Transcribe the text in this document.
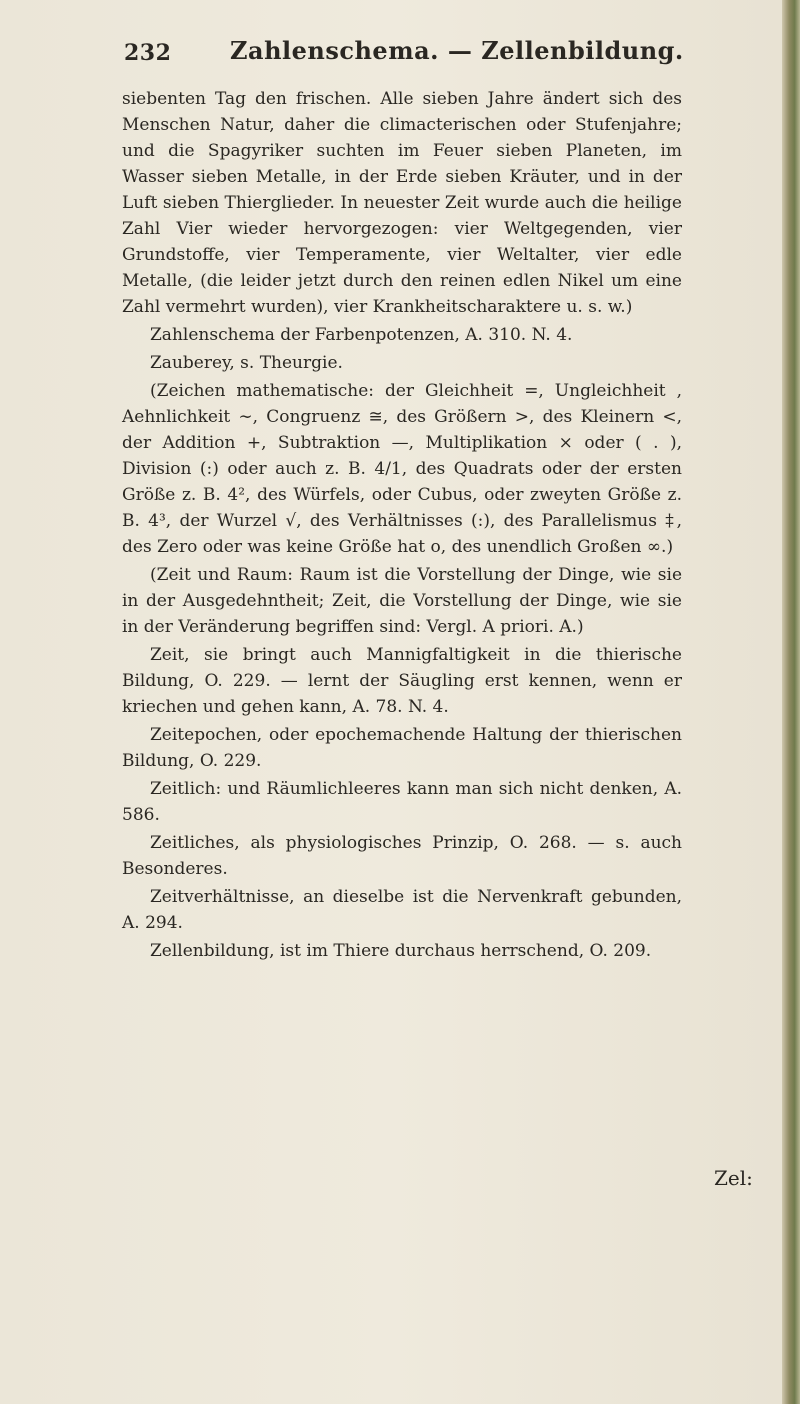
232 Zahlenschema. — Zellenbildung.

siebenten Tag den frischen. Alle sieben Jahre ändert sich des Menschen Natur, daher die climacterischen oder Stufenjahre; und die Spagyriker suchten im Feuer sieben Planeten, im Wasser sieben Metalle, in der Erde sieben Kräuter, und in der Luft sieben Thierglieder. In neuester Zeit wurde auch die heilige Zahl Vier wieder hervorgezogen: vier Weltgegenden, vier Grundstoffe, vier Temperamente, vier Weltalter, vier edle Metalle, (die leider jetzt durch den reinen edlen Nikel um eine Zahl vermehrt wurden), vier Krankheitscharaktere u. s. w.)

Zahlenschema der Farbenpotenzen, A. 310. N. 4.

Zauberey, s. Theurgie.

(Zeichen mathematische: der Gleichheit =, Ungleichheit , Aehnlichkeit ∼, Congruenz ≅, des Größern >, des Kleinern <, der Addition +, Subtraktion —, Multiplikation × oder ( . ), Division (:) oder auch z. B. 4/1, des Quadrats oder der ersten Größe z. B. 4², des Würfels, oder Cubus, oder zweyten Größe z. B. 4³, der Wurzel √, des Verhältnisses (:), des Parallelismus ‡, des Zero oder was keine Größe hat o, des unendlich Großen ∞.)

(Zeit und Raum: Raum ist die Vorstellung der Dinge, wie sie in der Ausgedehntheit; Zeit, die Vorstellung der Dinge, wie sie in der Veränderung begriffen sind: Vergl. A priori. A.)

Zeit, sie bringt auch Mannigfaltigkeit in die thierische Bildung, O. 229. — lernt der Säugling erst kennen, wenn er kriechen und gehen kann, A. 78. N. 4.

Zeitepochen, oder epochemachende Haltung der thierischen Bildung, O. 229.

Zeitlich: und Räumlichleeres kann man sich nicht denken, A. 586.

Zeitliches, als physiologisches Prinzip, O. 268. — s. auch Besonderes.

Zeitverhältnisse, an dieselbe ist die Nervenkraft gebunden, A. 294.

Zellenbildung, ist im Thiere durchaus herrschend, O. 209.

Zel:
